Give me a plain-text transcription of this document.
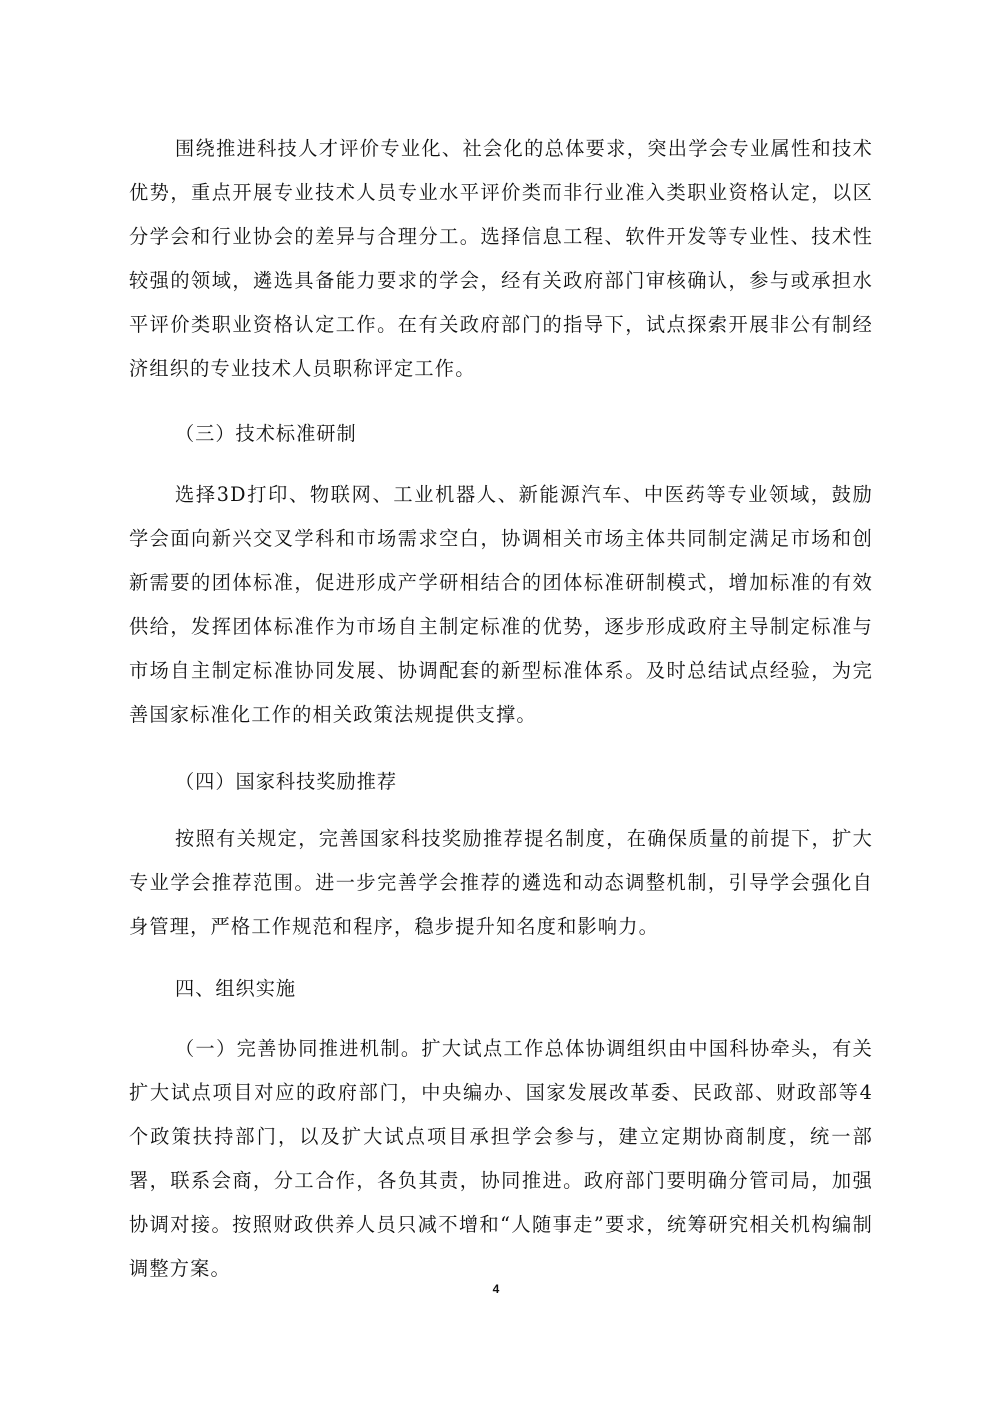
围绕推进科技人才评价专业化、社会化的总体要求，突出学会专业属性和技术优势，重点开展专业技术人员专业水平评价类而非行业准入类职业资格认定，以区分学会和行业协会的差异与合理分工。选择信息工程、软件开发等专业性、技术性较强的领域，遴选具备能力要求的学会，经有关政府部门审核确认，参与或承担水平评价类职业资格认定工作。在有关政府部门的指导下，试点探索开展非公有制经济组织的专业技术人员职称评定工作。

（三）技术标准研制

选择3D打印、物联网、工业机器人、新能源汽车、中医药等专业领域，鼓励学会面向新兴交叉学科和市场需求空白，协调相关市场主体共同制定满足市场和创新需要的团体标准，促进形成产学研相结合的团体标准研制模式，增加标准的有效供给，发挥团体标准作为市场自主制定标准的优势，逐步形成政府主导制定标准与市场自主制定标准协同发展、协调配套的新型标准体系。及时总结试点经验，为完善国家标准化工作的相关政策法规提供支撑。

（四）国家科技奖励推荐

按照有关规定，完善国家科技奖励推荐提名制度，在确保质量的前提下，扩大专业学会推荐范围。进一步完善学会推荐的遴选和动态调整机制，引导学会强化自身管理，严格工作规范和程序，稳步提升知名度和影响力。

四、组织实施

（一）完善协同推进机制。扩大试点工作总体协调组织由中国科协牵头，有关扩大试点项目对应的政府部门，中央编办、国家发展改革委、民政部、财政部等4个政策扶持部门，以及扩大试点项目承担学会参与，建立定期协商制度，统一部署，联系会商，分工合作，各负其责，协同推进。政府部门要明确分管司局，加强协调对接。按照财政供养人员只减不增和“人随事走”要求，统筹研究相关机构编制调整方案。

4
